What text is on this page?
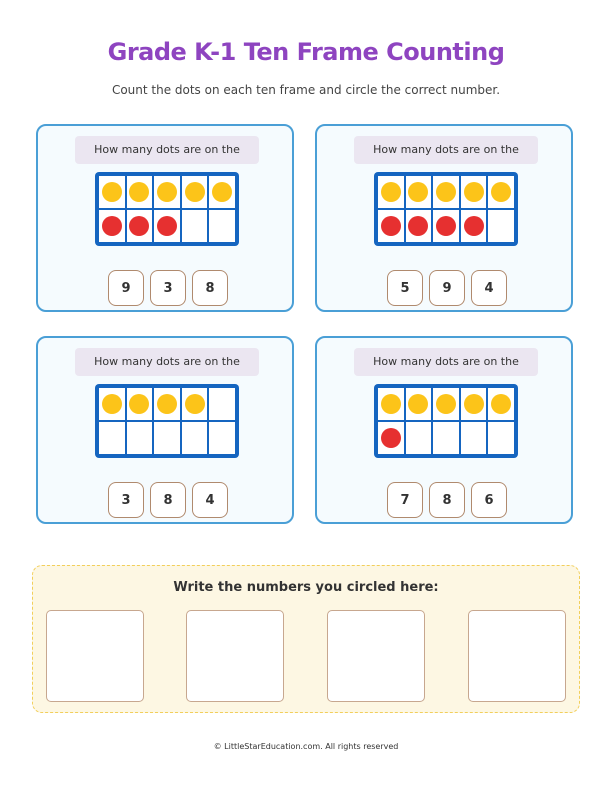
Grade K-1 Ten Frame Counting
Count the dots on each ten frame and circle the correct number.
How many dots are on the
9	3	8
How many dots are on the
5	9	4
How many dots are on the
3	8	4
How many dots are on the
7	8	6
Write the numbers you circled here:
© LittleStarEducation.com. All rights reserved
